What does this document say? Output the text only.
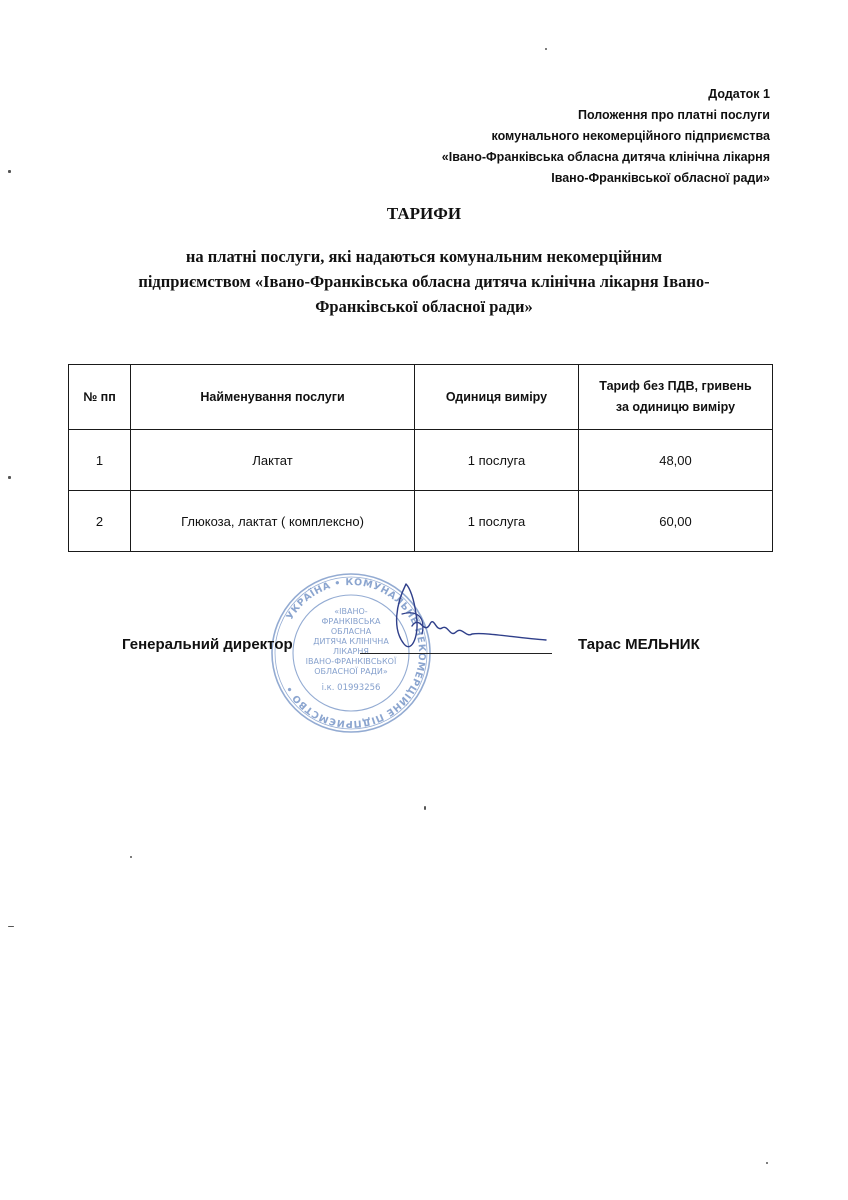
Додаток 1
Положення про платні послуги
комунального некомерційного підприємства
«Івано-Франківська обласна дитяча клінічна лікарня
Івано-Франківської обласної ради»
ТАРИФИ
на платні послуги, які надаються комунальним некомерційним
підприємством «Івано-Франківська обласна дитяча клінічна лікарня Івано-
Франківської обласної ради»
№ пп	Найменування послуги	Одиниця виміру	Тариф без ПДВ, гривень
за одиницю виміру

1	Лактат	1 послуга	48,00
2	Глюкоза, лактат ( комплексно)	1 послуга	60,00
УКРАЇНА • КОМУНАЛЬНЕ НЕКОМЕРЦІЙНЕ ПІДПРИЄМСТВО •
«ІВАНО-
ФРАНКІВСЬКА
ОБЛАСНА
ДИТЯЧА КЛІНІЧНА
ЛІКАРНЯ
ІВАНО-ФРАНКІВСЬКОЇ
ОБЛАСНОЇ РАДИ»
і.к. 01993256
Генеральний директор	Тарас МЕЛЬНИК
